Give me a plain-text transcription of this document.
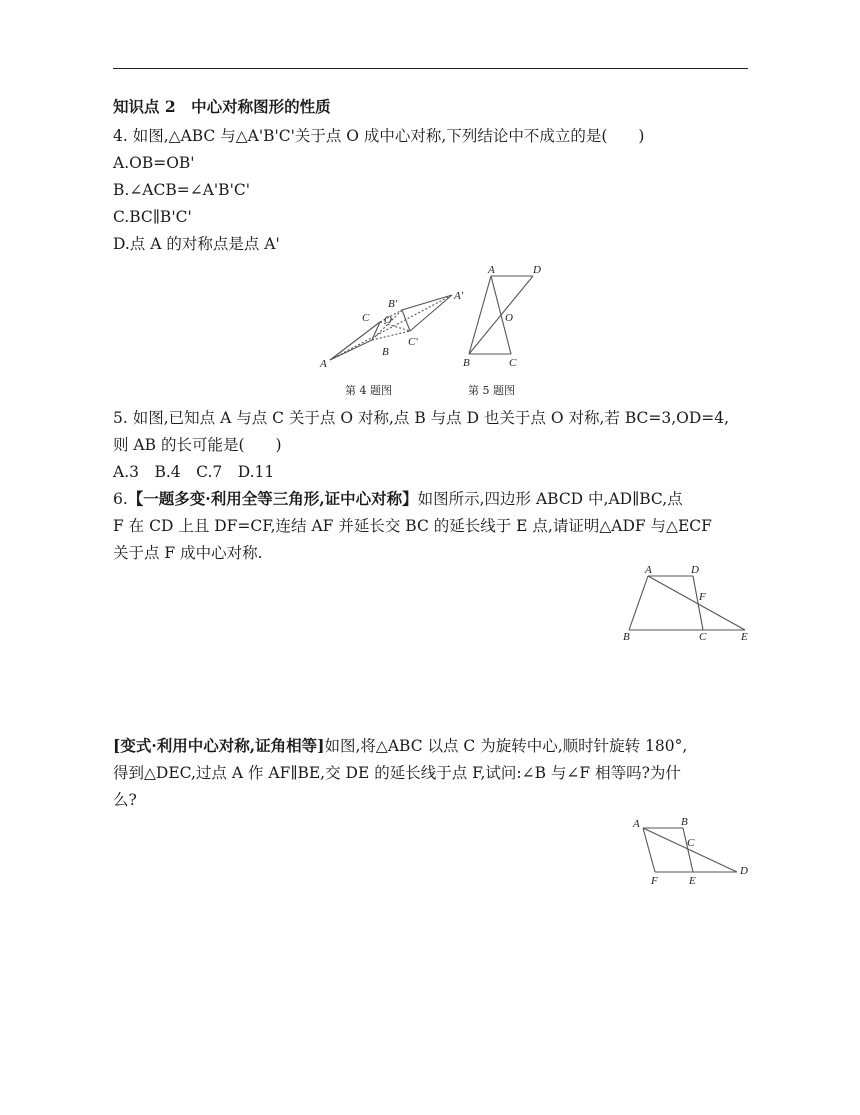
知识点 2　中心对称图形的性质
4. 如图,△ABC 与△A'B'C'关于点 O 成中心对称,下列结论中不成立的是(　　)
A.OB=OB'
B.∠ACB=∠A'B'C'
C.BC∥B'C'
D.点 A 的对称点是点 A'
A
B
C O
A'
B'
C'
A	D
O
B	C
第 4 题图	第 5 题图
5. 如图,已知点 A 与点 C 关于点 O 对称,点 B 与点 D 也关于点 O 对称,若 BC=3,OD=4,
则 AB 的长可能是(　　)
A.3　B.4　C.7　D.11
6.【一题多变·利用全等三角形,证中心对称】如图所示,四边形 ABCD 中,AD∥BC,点
F 在 CD 上且 DF=CF,连结 AF 并延长交 BC 的延长线于 E 点,请证明△ADF 与△ECF
关于点 F 成中心对称.
A	D
F
B	C	E
[变式·利用中心对称,证角相等]如图,将△ABC 以点 C 为旋转中心,顺时针旋转 180°,
得到△DEC,过点 A 作 AF∥BE,交 DE 的延长线于点 F,试问:∠B 与∠F 相等吗?为什
么?
A	B
C
D
F	E
